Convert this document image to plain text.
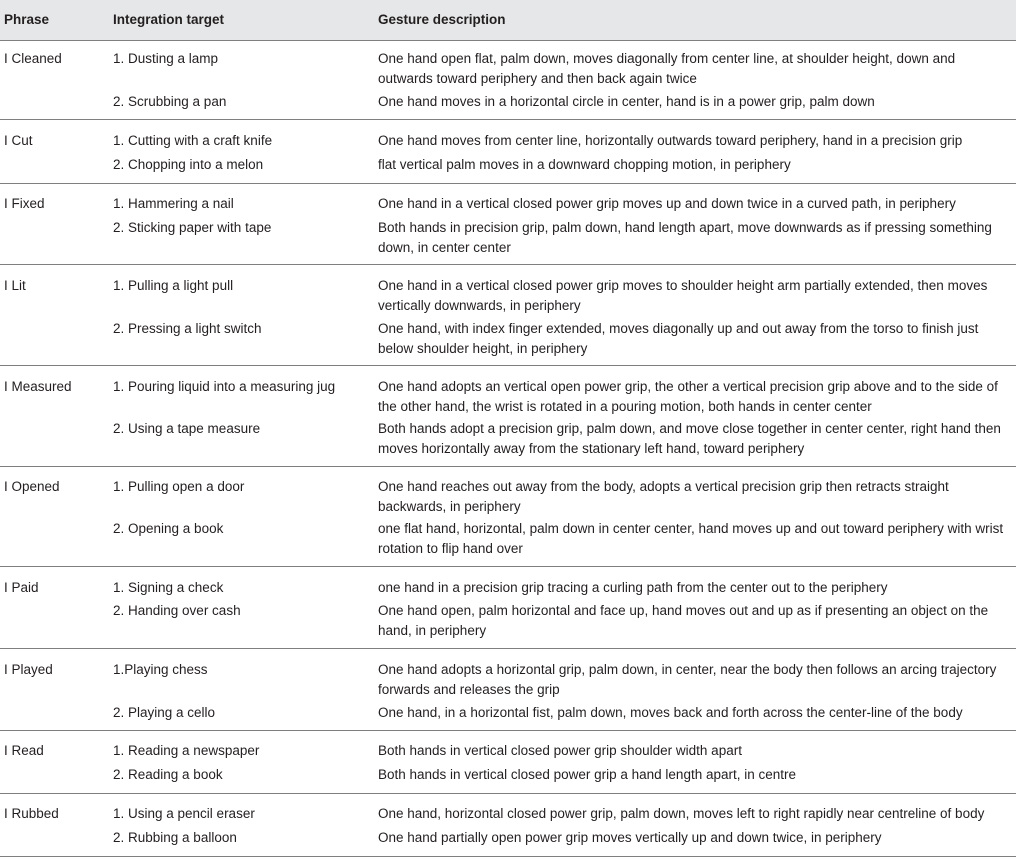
Phrase	Integration target	Gesture description
I Cleaned	1. Dusting a lamp	One hand open flat, palm down, moves diagonally from center line, at shoulder height, down and outwards toward periphery and then back again twice
2. Scrubbing a pan	One hand moves in a horizontal circle in center, hand is in a power grip, palm down
I Cut	1. Cutting with a craft knife	One hand moves from center line, horizontally outwards toward periphery, hand in a precision grip
2. Chopping into a melon	flat vertical palm moves in a downward chopping motion, in periphery
I Fixed	1. Hammering a nail	One hand in a vertical closed power grip moves up and down twice in a curved path, in periphery
2. Sticking paper with tape	Both hands in precision grip, palm down, hand length apart, move downwards as if pressing something down, in center center
I Lit	1. Pulling a light pull	One hand in a vertical closed power grip moves to shoulder height arm partially extended, then moves vertically downwards, in periphery
2. Pressing a light switch	One hand, with index finger extended, moves diagonally up and out away from the torso to finish just below shoulder height, in periphery
I Measured	1. Pouring liquid into a measuring jug	One hand adopts an vertical open power grip, the other a vertical precision grip above and to the side of the other hand, the wrist is rotated in a pouring motion, both hands in center center
2. Using a tape measure	Both hands adopt a precision grip, palm down, and move close together in center center, right hand then moves horizontally away from the stationary left hand, toward periphery
I Opened	1. Pulling open a door	One hand reaches out away from the body, adopts a vertical precision grip then retracts straight backwards, in periphery
2. Opening a book	one flat hand, horizontal, palm down in center center, hand moves up and out toward periphery with wrist rotation to flip hand over
I Paid	1. Signing a check	one hand in a precision grip tracing a curling path from the center out to the periphery
2. Handing over cash	One hand open, palm horizontal and face up, hand moves out and up as if presenting an object on the hand, in periphery
I Played	1.Playing chess	One hand adopts a horizontal grip, palm down, in center, near the body then follows an arcing trajectory forwards and releases the grip
2. Playing a cello	One hand, in a horizontal fist, palm down, moves back and forth across the center-line of the body
I Read	1. Reading a newspaper	Both hands in vertical closed power grip shoulder width apart
2. Reading a book	Both hands in vertical closed power grip a hand length apart, in centre
I Rubbed	1. Using a pencil eraser	One hand, horizontal closed power grip, palm down, moves left to right rapidly near centreline of body
2. Rubbing a balloon	One hand partially open power grip moves vertically up and down twice, in periphery
